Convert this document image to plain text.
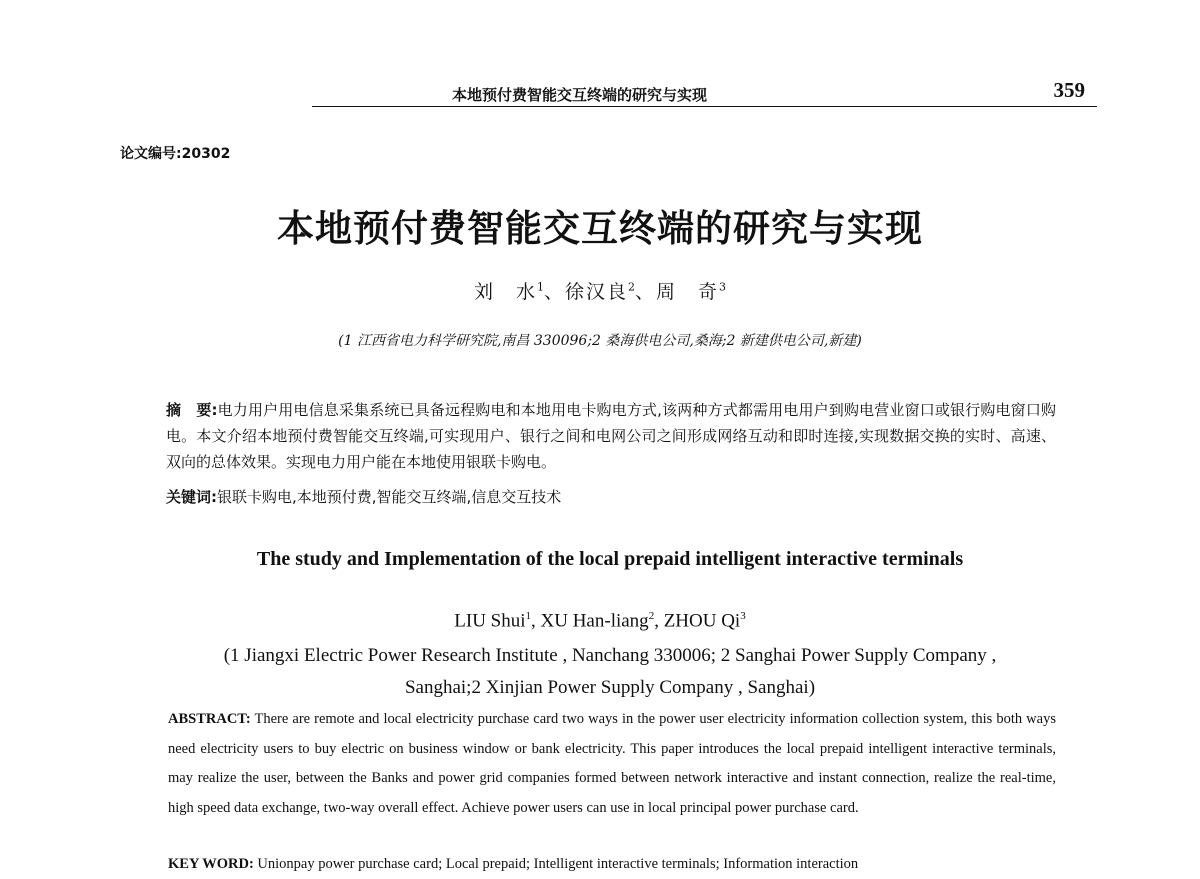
本地预付费智能交互终端的研究与实现	359
论文编号:20302
本地预付费智能交互终端的研究与实现
刘　水$^1$、徐汉良$^2$、周　奇$^3$
(1 江西省电力科学研究院,南昌 330096;2 桑海供电公司,桑海;2 新建供电公司,新建)
摘　要:电力用户用电信息采集系统已具备远程购电和本地用电卡购电方式,该两种方式都需用电用户到购电营业窗口或银行购电窗口购电。本文介绍本地预付费智能交互终端,可实现用户、银行之间和电网公司之间形成网络互动和即时连接,实现数据交换的实时、高速、双向的总体效果。实现电力用户能在本地使用银联卡购电。
关键词:银联卡购电,本地预付费,智能交互终端,信息交互技术
The study and Implementation of the local prepaid intelligent interactive terminals
LIU Shui$^1$, XU Han-liang$^2$, ZHOU Qi$^3$
(1 Jiangxi Electric Power Research Institute , Nanchang 330006; 2 Sanghai Power Supply Company ,
Sanghai;2 Xinjian Power Supply Company , Sanghai)
ABSTRACT: There are remote and local electricity purchase card two ways in the power user electricity information collection system, this both ways need electricity users to buy electric on business window or bank electricity. This paper introduces the local prepaid intelligent interactive terminals, may realize the user, between the Banks and power grid companies formed between network interactive and instant connection, realize the real-time, high speed data exchange, two-way overall effect. Achieve power users can use in local principal power purchase card.
KEY WORD: Unionpay power purchase card; Local prepaid; Intelligent interactive terminals; Information interaction
